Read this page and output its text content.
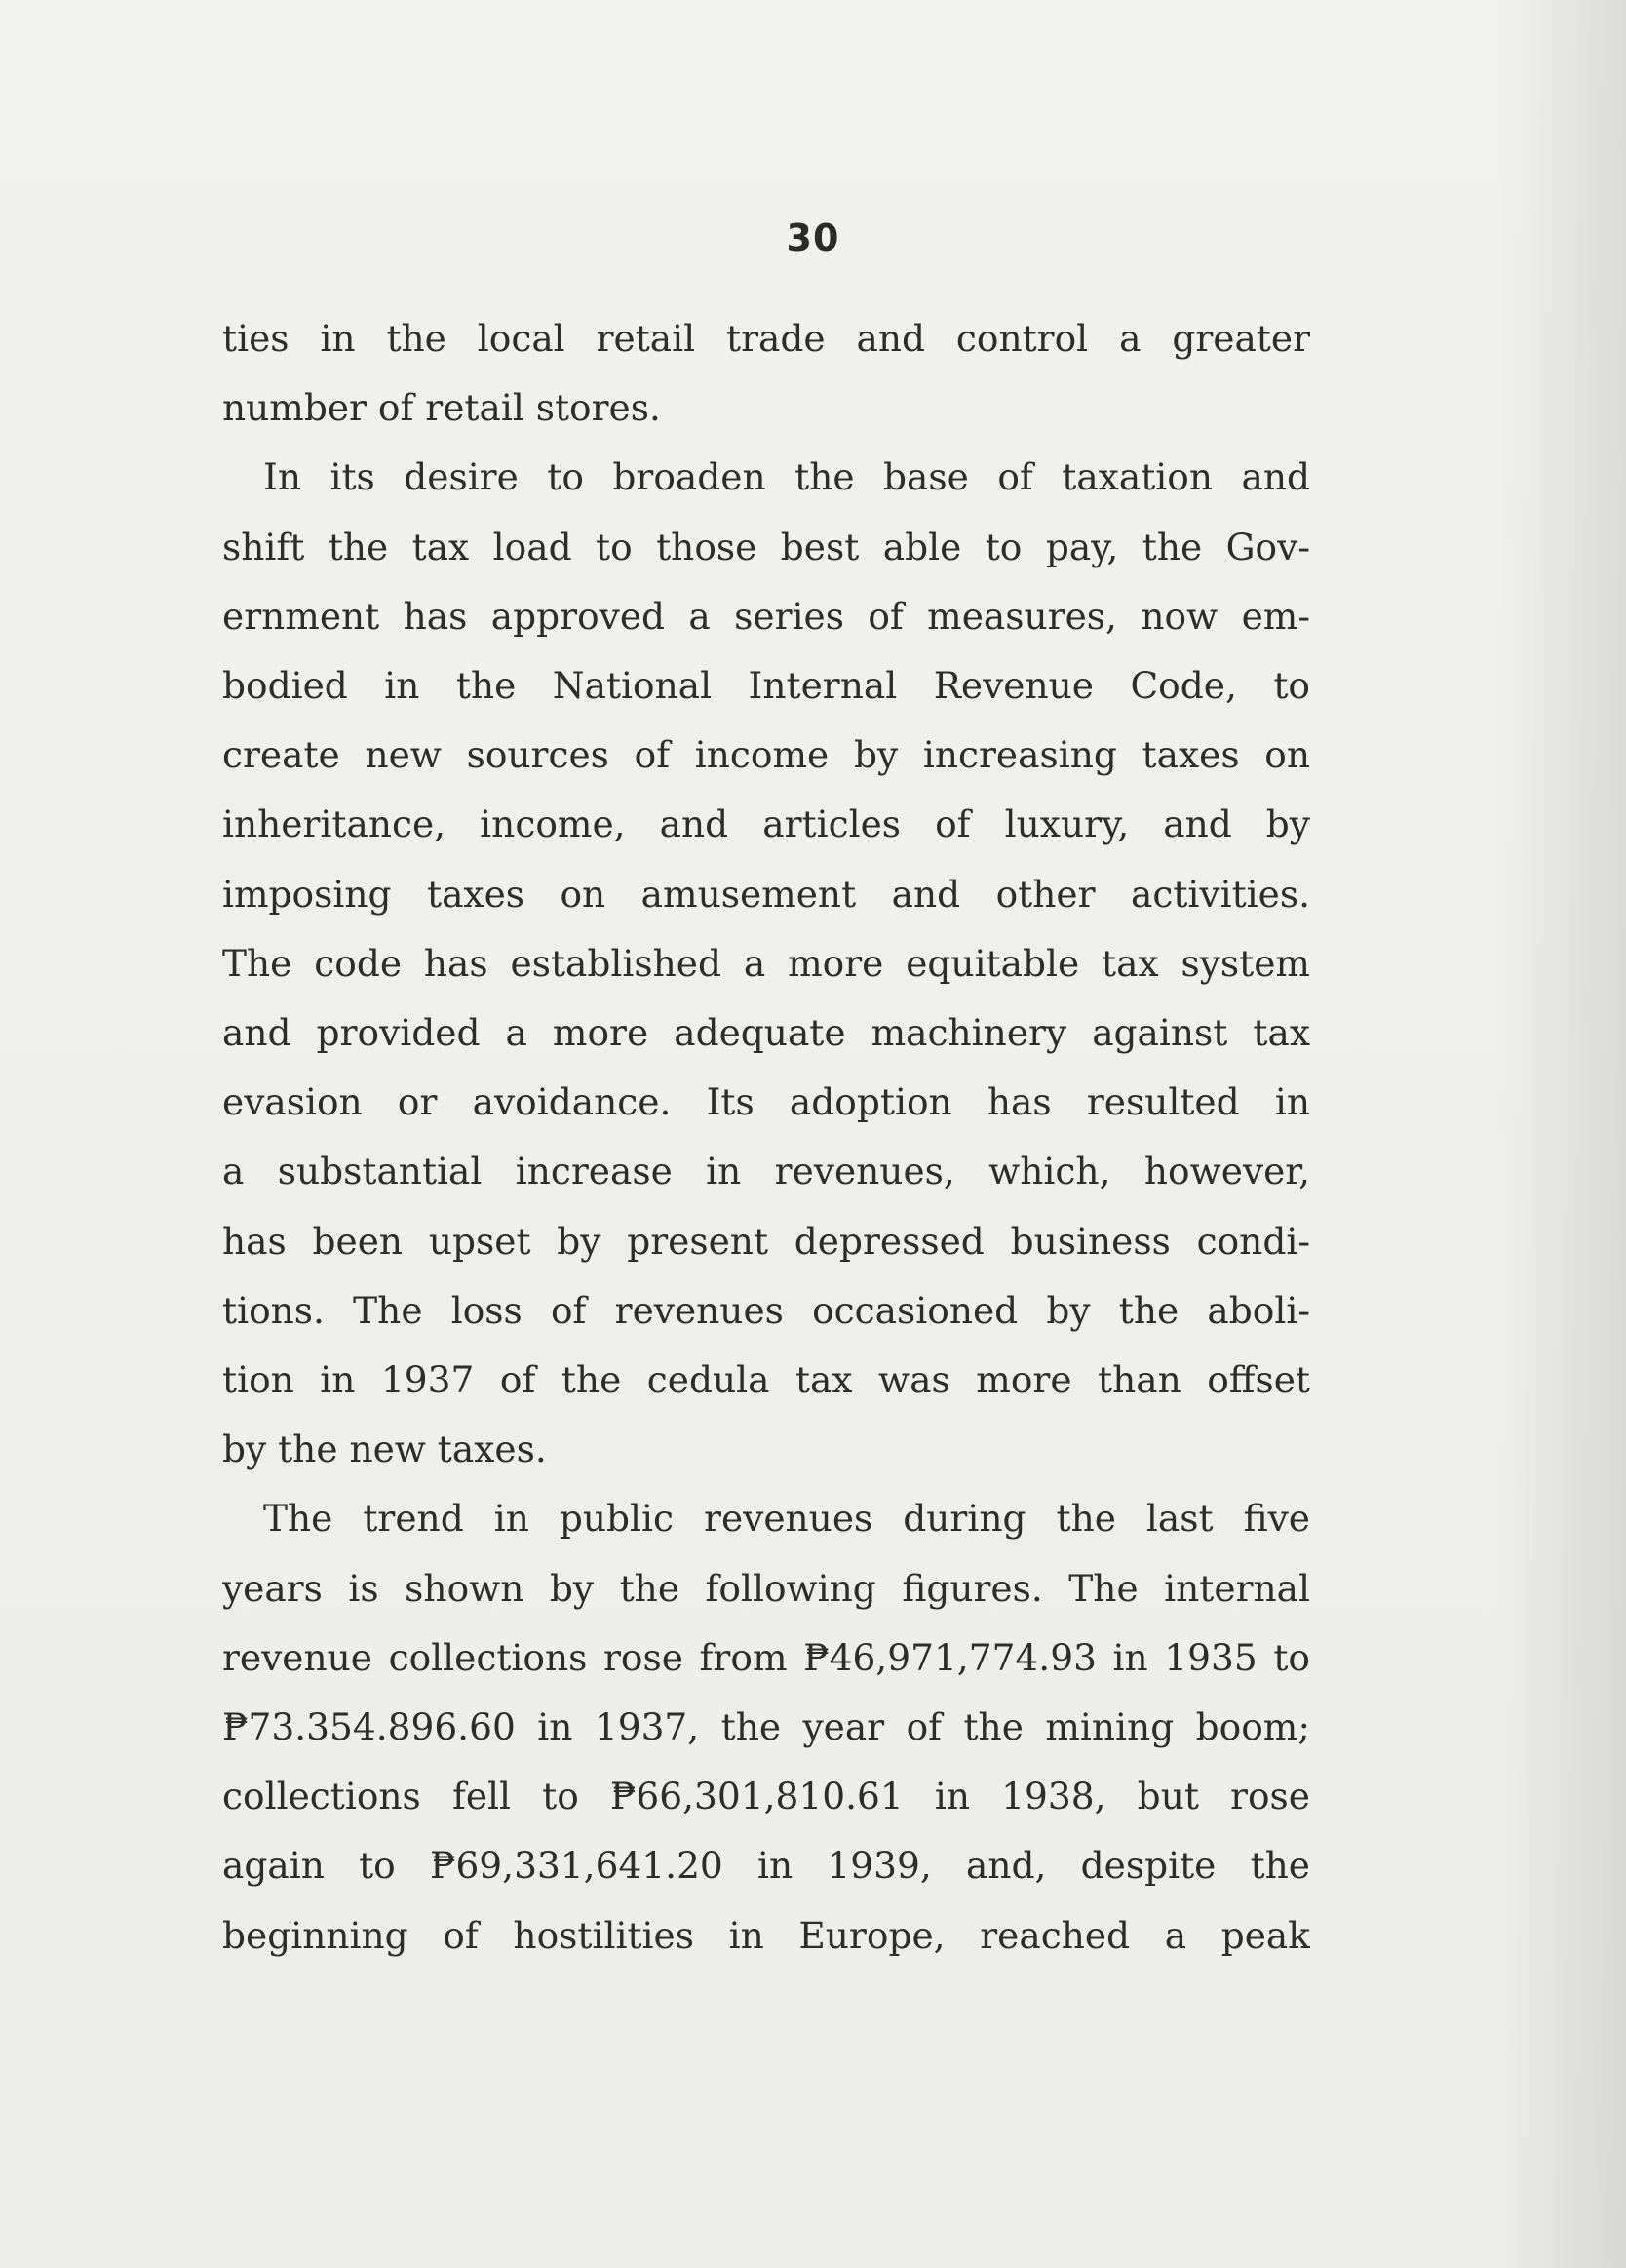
30
ties in the local retail trade and control a greater
number of retail stores.
In its desire to broaden the base of taxation and
shift the tax load to those best able to pay, the Gov-
ernment has approved a series of measures, now em-
bodied in the National Internal Revenue Code, to
create new sources of income by increasing taxes on
inheritance, income, and articles of luxury, and by
imposing taxes on amusement and other activities.
The code has established a more equitable tax system
and provided a more adequate machinery against tax
evasion or avoidance. Its adoption has resulted in
a substantial increase in revenues, which, however,
has been upset by present depressed business condi-
tions. The loss of revenues occasioned by the aboli-
tion in 1937 of the cedula tax was more than offset
by the new taxes.
The trend in public revenues during the last five
years is shown by the following figures. The internal
revenue collections rose from ₱46,971,774.93 in 1935 to
₱73.354.896.60 in 1937, the year of the mining boom;
collections fell to ₱66,301,810.61 in 1938, but rose
again to ₱69,331,641.20 in 1939, and, despite the
beginning of hostilities in Europe, reached a peak
